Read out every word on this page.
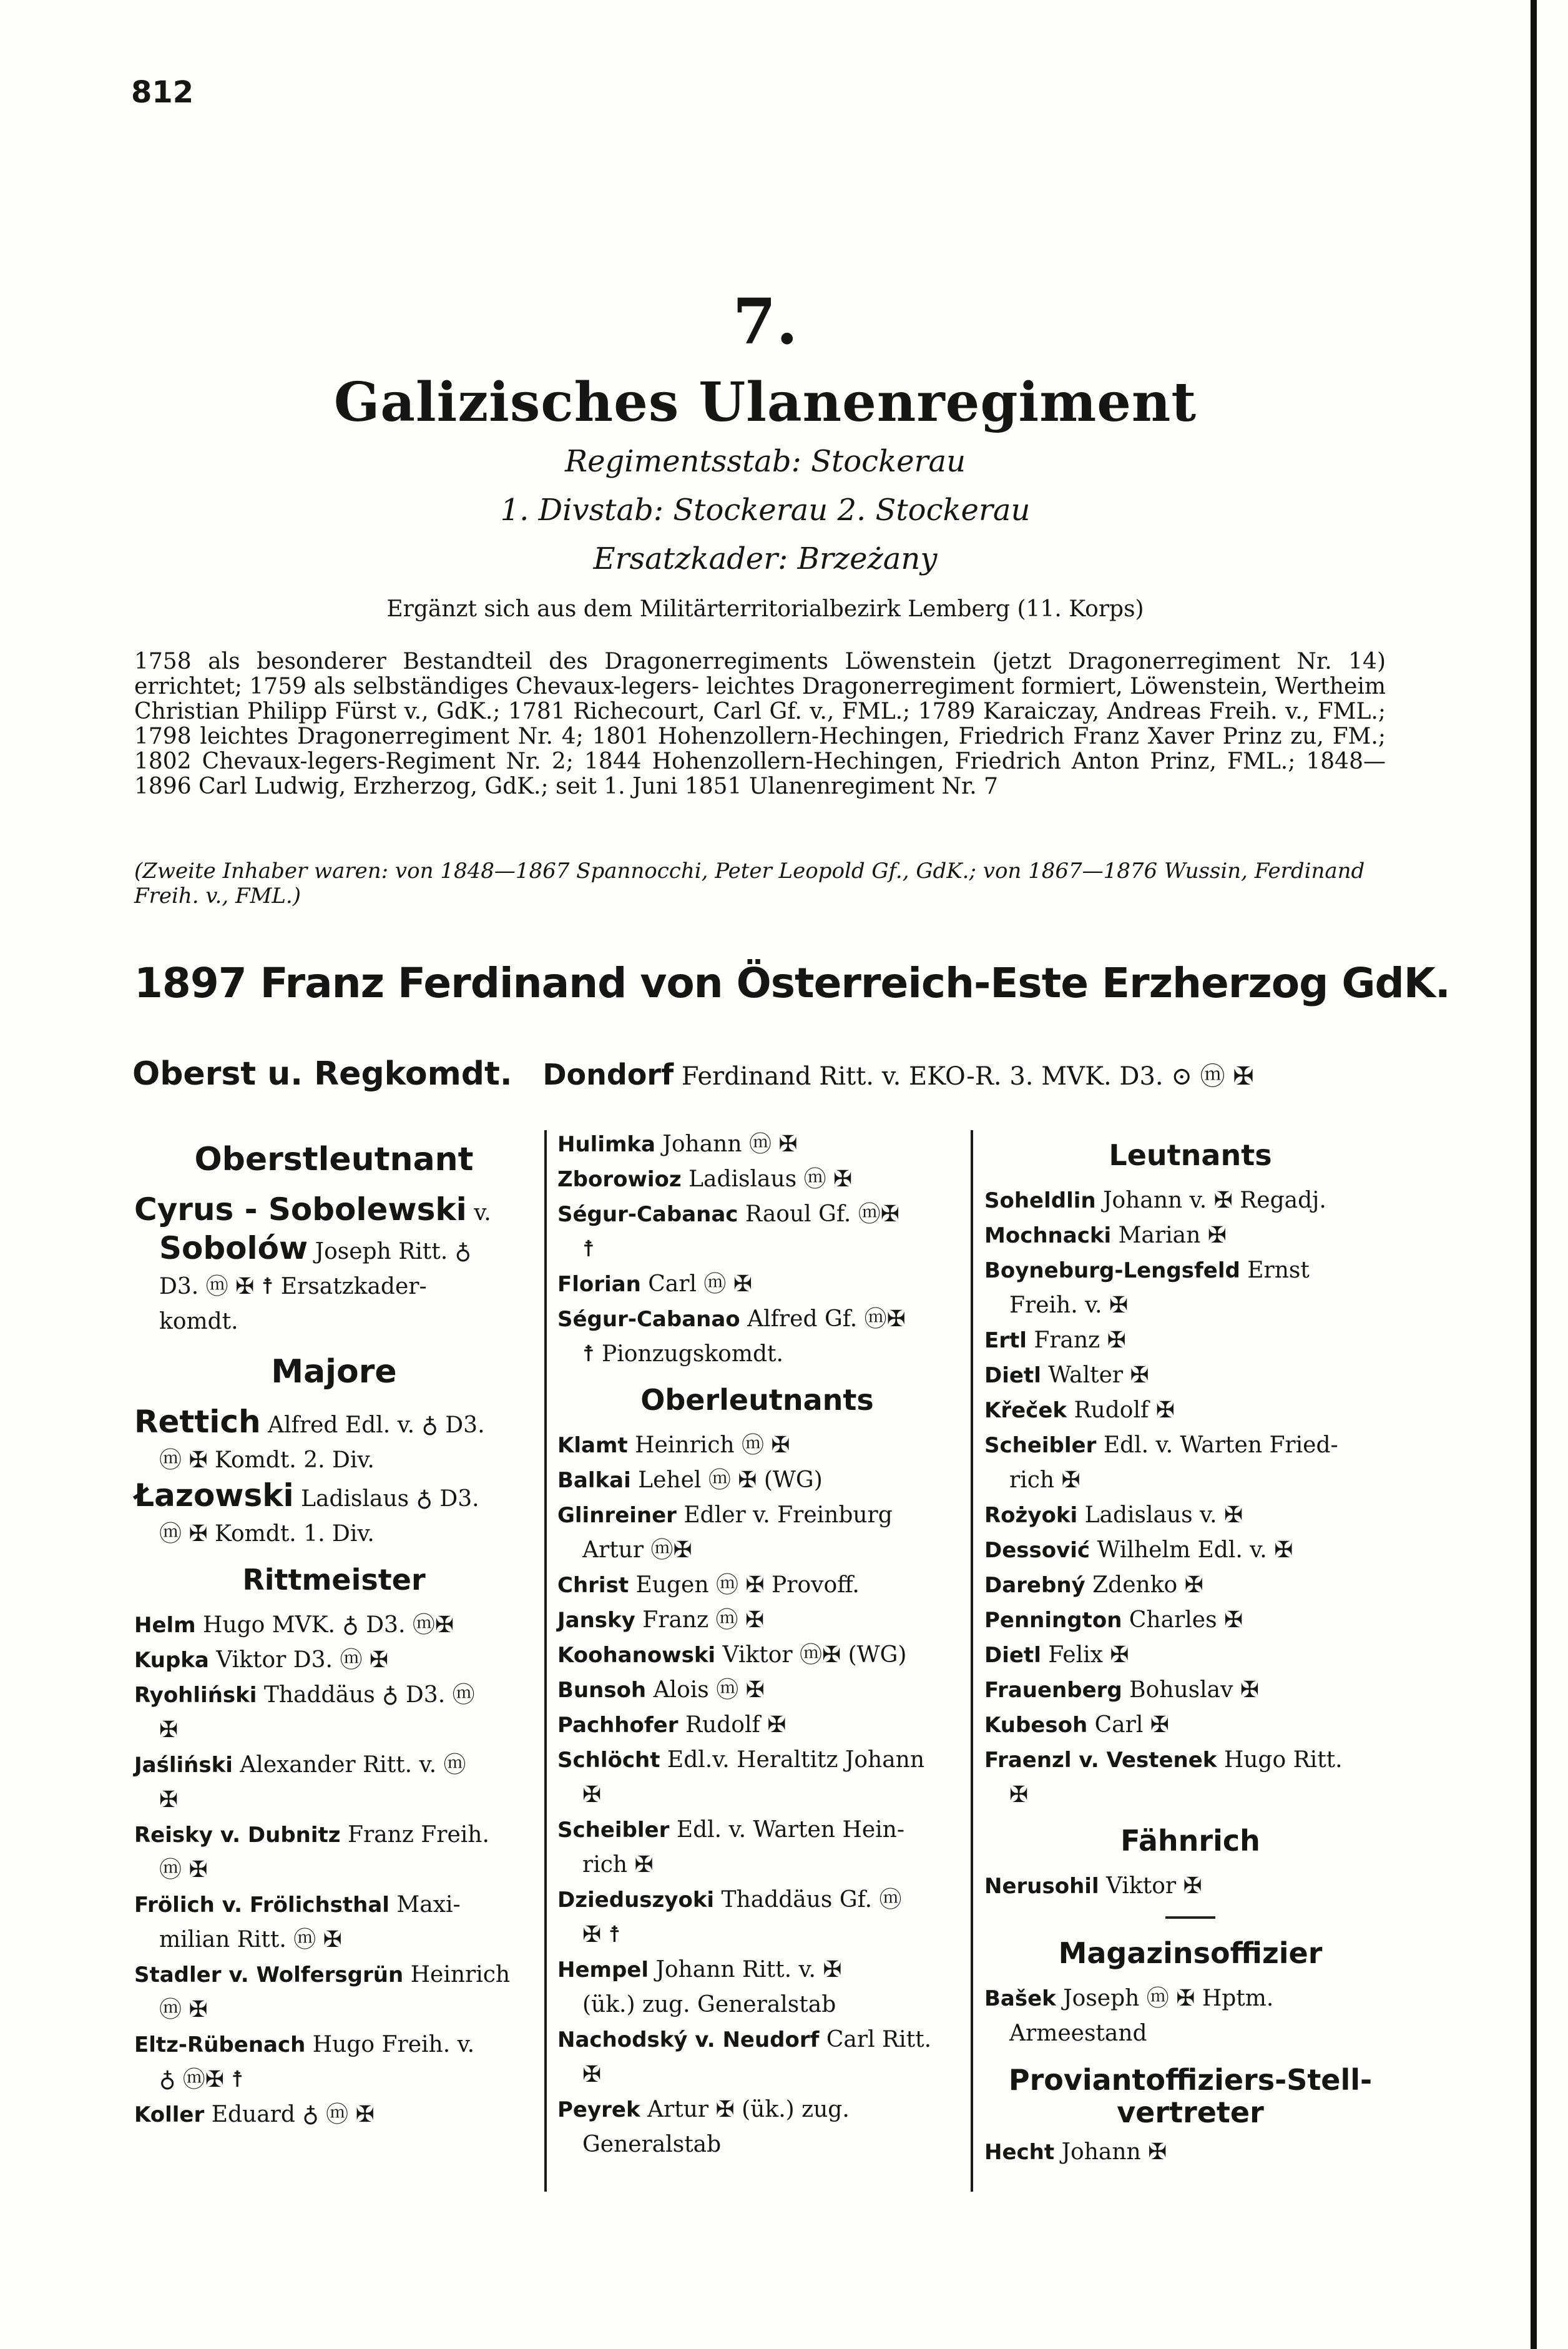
812
7.
Galizisches Ulanenregiment
Regimentsstab: Stockerau
1. Divstab: Stockerau 2. Stockerau
Ersatzkader: Brzeżany
Ergänzt sich aus dem Militärterritorialbezirk Lemberg (11. Korps)

1758 als besonderer Bestandteil des Dragonerregiments Löwenstein (jetzt Dragonerregiment Nr. 14) errichtet; 1759 als selbständiges Chevaux-legers- leichtes Dragonerregiment formiert, Löwenstein, Wertheim Christian Philipp Fürst v., GdK.; 1781 Richecourt, Carl Gf. v., FML.; 1789 Karaiczay, Andreas Freih. v., FML.; 1798 leichtes Dragonerregiment Nr. 4; 1801 Hohenzollern-Hechingen, Friedrich Franz Xaver Prinz zu, FM.; 1802 Chevaux-legers-Regiment Nr. 2; 1844 Hohenzollern-Hechingen, Friedrich Anton Prinz, FML.; 1848—1896 Carl Ludwig, Erzherzog, GdK.; seit 1. Juni 1851 Ulanenregiment Nr. 7

(Zweite Inhaber waren: von 1848—1867 Spannocchi, Peter Leopold Gf., GdK.; von 1867—1876 Wussin, Ferdinand Freih. v., FML.)
1897 Franz Ferdinand von Österreich-Este Erzherzog GdK.
Oberst u. Regkomdt. Dondorf Ferdinand Ritt. v. EKO-R. 3. MVK. D3. ⊙ ⓜ ✠
Oberstleutnant
Cyrus - Sobolewski v.
Sobolów Joseph Ritt. ♁
D3. ⓜ ✠ ☨ Ersatzkader-
komdt.
Majore
Rettich Alfred Edl. v. ♁ D3.
ⓜ ✠ Komdt. 2. Div.
Łazowski Ladislaus ♁ D3.
ⓜ ✠ Komdt. 1. Div.
Rittmeister
Helm Hugo MVK. ♁ D3. ⓜ✠
Kupka Viktor D3. ⓜ ✠
Ryohliński Thaddäus ♁ D3. ⓜ
✠
Jaśliński Alexander Ritt. v. ⓜ
✠
Reisky v. Dubnitz Franz Freih.
ⓜ ✠
Frölich v. Frölichsthal Maxi-
milian Ritt. ⓜ ✠
Stadler v. Wolfersgrün Heinrich
ⓜ ✠
Eltz-Rübenach Hugo Freih. v.
♁ ⓜ✠ ☨
Koller Eduard ♁ ⓜ ✠
Hulimka Johann ⓜ ✠
Zborowioz Ladislaus ⓜ ✠
Ségur-Cabanac Raoul Gf. ⓜ✠
☨
Florian Carl ⓜ ✠
Ségur-Cabanao Alfred Gf. ⓜ✠
☨ Pionzugskomdt.
Oberleutnants
Klamt Heinrich ⓜ ✠
Balkai Lehel ⓜ ✠ (WG)
Glinreiner Edler v. Freinburg
Artur ⓜ✠
Christ Eugen ⓜ ✠ Provoff.
Jansky Franz ⓜ ✠
Koohanowski Viktor ⓜ✠ (WG)
Bunsoh Alois ⓜ ✠
Pachhofer Rudolf ✠
Schlöcht Edl.v. Heraltitz Johann
✠
Scheibler Edl. v. Warten Hein-
rich ✠
Dzieduszyoki Thaddäus Gf. ⓜ
✠ ☨
Hempel Johann Ritt. v. ✠
(ük.) zug. Generalstab
Nachodský v. Neudorf Carl Ritt.
✠
Peyrek Artur ✠ (ük.) zug.
Generalstab
Leutnants
Soheldlin Johann v. ✠ Regadj.
Mochnacki Marian ✠
Boyneburg-Lengsfeld Ernst
Freih. v. ✠
Ertl Franz ✠
Dietl Walter ✠
Křeček Rudolf ✠
Scheibler Edl. v. Warten Fried-
rich ✠
Rożyoki Ladislaus v. ✠
Dessović Wilhelm Edl. v. ✠
Darebný Zdenko ✠
Pennington Charles ✠
Dietl Felix ✠
Frauenberg Bohuslav ✠
Kubesoh Carl ✠
Fraenzl v. Vestenek Hugo Ritt.
✠
Fähnrich
Nerusohil Viktor ✠
Magazinsoffizier
Bašek Joseph ⓜ ✠ Hptm.
Armeestand
Proviantoffiziers-Stell-
vertreter
Hecht Johann ✠
